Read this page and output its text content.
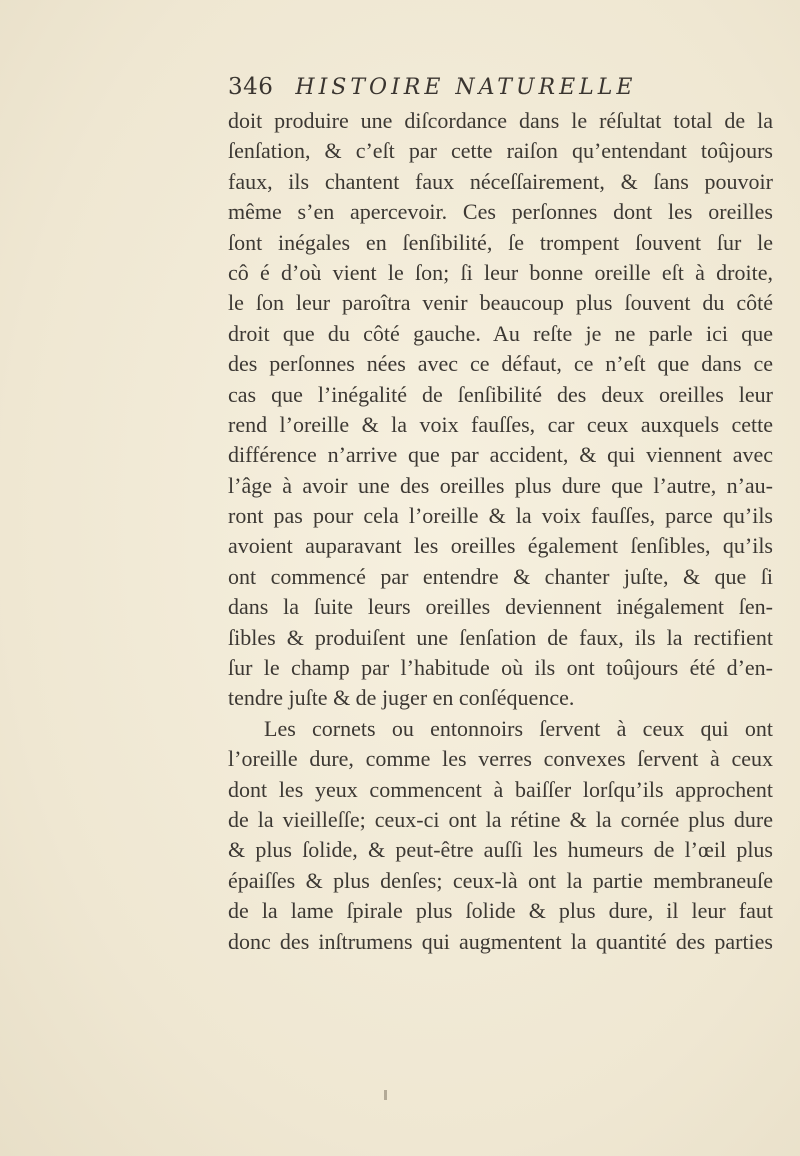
346 HISTOIRE NATURELLE
doit produire une diſcordance dans le réſultat total de la
ſenſation, & c’eſt par cette raiſon qu’entendant toûjours
faux, ils chantent faux néceſſairement, & ſans pouvoir
même s’en apercevoir. Ces perſonnes dont les oreilles
ſont inégales en ſenſibilité, ſe trompent ſouvent ſur le
cô é d’où vient le ſon; ſi leur bonne oreille eſt à droite,
le ſon leur paroîtra venir beaucoup plus ſouvent du côté
droit que du côté gauche. Au reſte je ne parle ici que
des perſonnes nées avec ce défaut, ce n’eſt que dans ce
cas que l’inégalité de ſenſibilité des deux oreilles leur
rend l’oreille & la voix fauſſes, car ceux auxquels cette
différence n’arrive que par accident, & qui viennent avec
l’âge à avoir une des oreilles plus dure que l’autre, n’au-
ront pas pour cela l’oreille & la voix fauſſes, parce qu’ils
avoient auparavant les oreilles également ſenſibles, qu’ils
ont commencé par entendre & chanter juſte, & que ſi
dans la ſuite leurs oreilles deviennent inégalement ſen-
ſibles & produiſent une ſenſation de faux, ils la rectifient
ſur le champ par l’habitude où ils ont toûjours été d’en-
tendre juſte & de juger en conſéquence.
Les cornets ou entonnoirs ſervent à ceux qui ont
l’oreille dure, comme les verres convexes ſervent à ceux
dont les yeux commencent à baiſſer lorſqu’ils approchent
de la vieilleſſe; ceux-ci ont la rétine & la cornée plus dure
& plus ſolide, & peut-être auſſi les humeurs de l’œil plus
épaiſſes & plus denſes; ceux-là ont la partie membraneuſe
de la lame ſpirale plus ſolide & plus dure, il leur faut
donc des inſtrumens qui augmentent la quantité des parties
